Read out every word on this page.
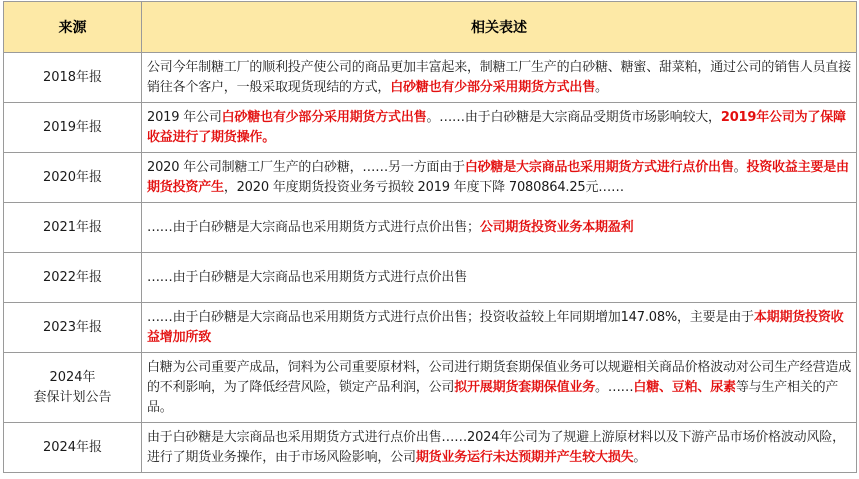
来源	相关表述
2018年报	公司今年制糖工厂的顺利投产使公司的商品更加丰富起来，制糖工厂生产的白砂糖、糖蜜、甜菜粕，通过公司的销售人员直接销往各个客户，一般采取现货现结的方式，白砂糖也有少部分采用期货方式出售。
2019年报	2019 年公司白砂糖也有少部分采用期货方式出售。……由于白砂糖是大宗商品受期货市场影响较大，2019年公司为了保障收益进行了期货操作。
2020年报	2020 年公司制糖工厂生产的白砂糖，……另一方面由于白砂糖是大宗商品也采用期货方式进行点价出售。投资收益主要是由期货投资产生，2020 年度期货投资业务亏损较 2019 年度下降 7080864.25元……
2021年报	……由于白砂糖是大宗商品也采用期货方式进行点价出售；公司期货投资业务本期盈利
2022年报	……由于白砂糖是大宗商品也采用期货方式进行点价出售
2023年报	……由于白砂糖是大宗商品也采用期货方式进行点价出售；投资收益较上年同期增加147.08%，主要是由于本期期货投资收益增加所致

2024年
套保计划公告	白糖为公司重要产成品，饲料为公司重要原材料，公司进行期货套期保值业务可以规避相关商品价格波动对公司生产经营造成的不利影响，为了降低经营风险，锁定产品利润，公司拟开展期货套期保值业务。……白糖、豆粕、尿素等与生产相关的产品。
2024年报	由于白砂糖是大宗商品也采用期货方式进行点价出售……2024年公司为了规避上游原材料以及下游产品市场价格波动风险，进行了期货业务操作，由于市场风险影响，公司期货业务运行未达预期并产生较大损失。
